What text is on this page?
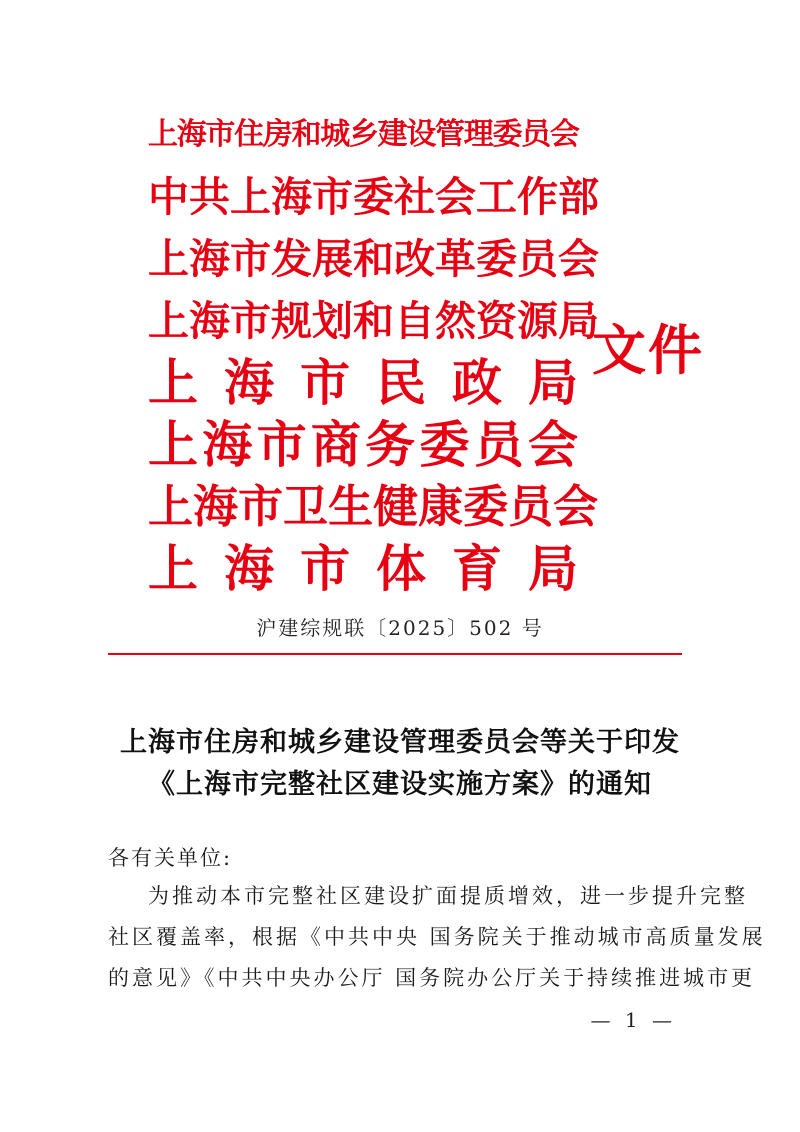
上 海 市 住 房 和 城 乡 建 设 管 理 委 员 会
中 共 上 海 市 委 社 会 工 作 部
上 海 市 发 展 和 改 革 委 员 会
上 海 市 规 划 和 自 然 资 源 局
上 海 市 民 政 局
上 海 市 商 务 委 员 会
上 海 市 卫 生 健 康 委 员 会
上 海 市 体 育 局
文件
沪建综规联〔2025〕502 号
上海市住房和城乡建设管理委员会等关于印发
《上海市完整社区建设实施方案》的通知
各有关单位:
为推动本市完整社区建设扩面提质增效，进一步提升完整
社区覆盖率，根据《中共中央 国务院关于推动城市高质量发展
的意见》《中共中央办公厅 国务院办公厅关于持续推进城市更
— 1 —
